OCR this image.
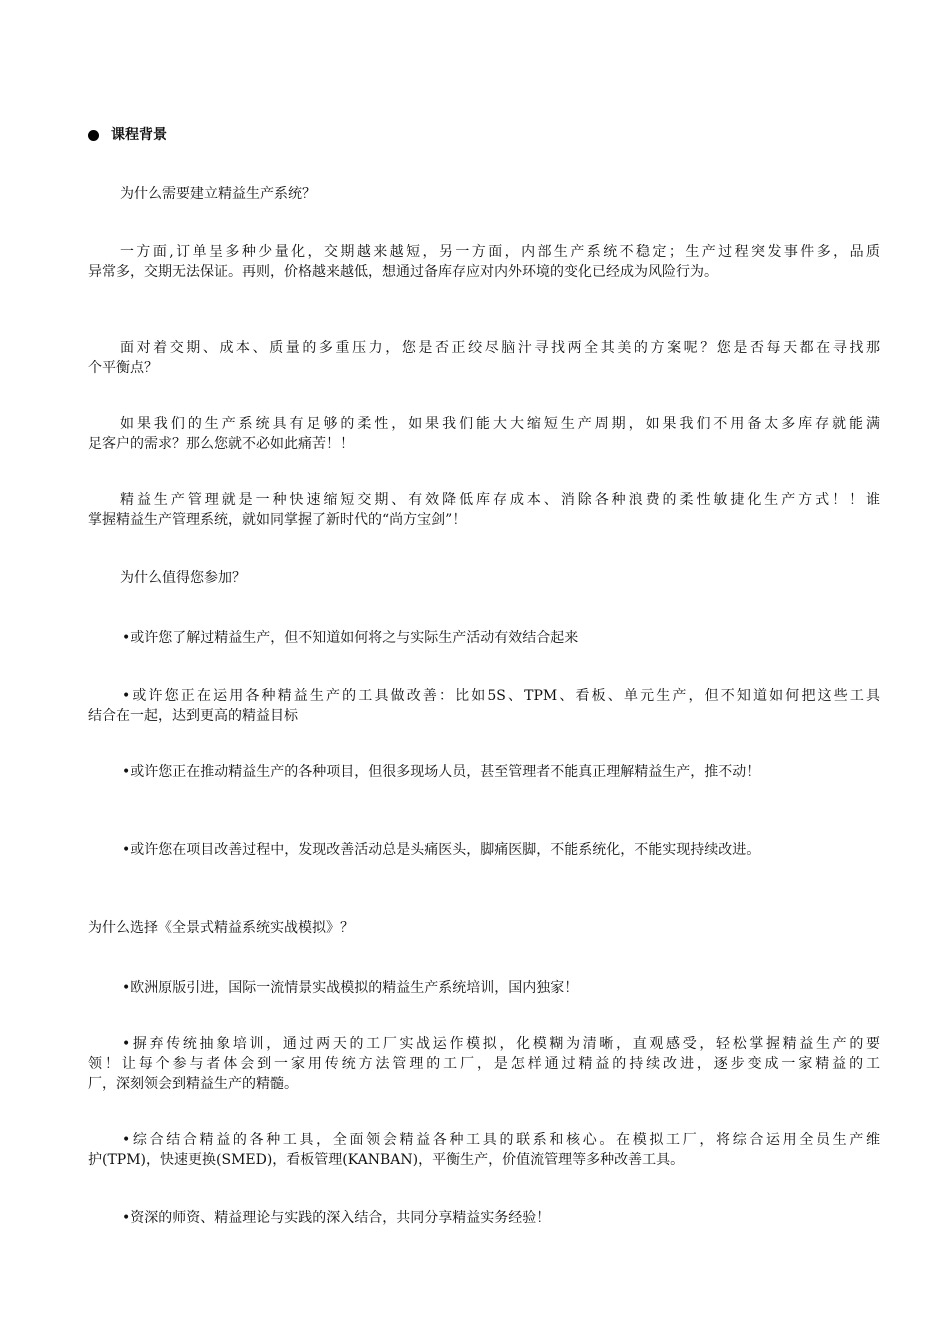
课程背景

为什么需要建立精益生产系统？

一方面,订单呈多种少量化，交期越来越短，另一方面，内部生产系统不稳定；生产过程突发事件多，品质

异常多，交期无法保证。再则，价格越来越低，想通过备库存应对内外环境的变化已经成为风险行为。

面对着交期、成本、质量的多重压力，您是否正绞尽脑汁寻找两全其美的方案呢？您是否每天都在寻找那

个平衡点？

如果我们的生产系统具有足够的柔性，如果我们能大大缩短生产周期，如果我们不用备太多库存就能满

足客户的需求？那么您就不必如此痛苦！！

精益生产管理就是一种快速缩短交期、有效降低库存成本、消除各种浪费的柔性敏捷化生产方式！！谁

掌握精益生产管理系统，就如同掌握了新时代的“尚方宝剑”！

为什么值得您参加？

•或许您了解过精益生产，但不知道如何将之与实际生产活动有效结合起来

•或许您正在运用各种精益生产的工具做改善：比如5S、TPM、看板、单元生产，但不知道如何把这些工具

结合在一起，达到更高的精益目标

•或许您正在推动精益生产的各种项目，但很多现场人员，甚至管理者不能真正理解精益生产，推不动！

•或许您在项目改善过程中，发现改善活动总是头痛医头，脚痛医脚，不能系统化，不能实现持续改进。

为什么选择《全景式精益系统实战模拟》？

•欧洲原版引进，国际一流情景实战模拟的精益生产系统培训，国内独家！

•摒弃传统抽象培训，通过两天的工厂实战运作模拟，化模糊为清晰，直观感受，轻松掌握精益生产的要

领！让每个参与者体会到一家用传统方法管理的工厂，是怎样通过精益的持续改进，逐步变成一家精益的工

厂，深刻领会到精益生产的精髓。

•综合结合精益的各种工具，全面领会精益各种工具的联系和核心。在模拟工厂，将综合运用全员生产维

护(TPM)，快速更换(SMED)，看板管理(KANBAN)，平衡生产，价值流管理等多种改善工具。

•资深的师资、精益理论与实践的深入结合，共同分享精益实务经验！
